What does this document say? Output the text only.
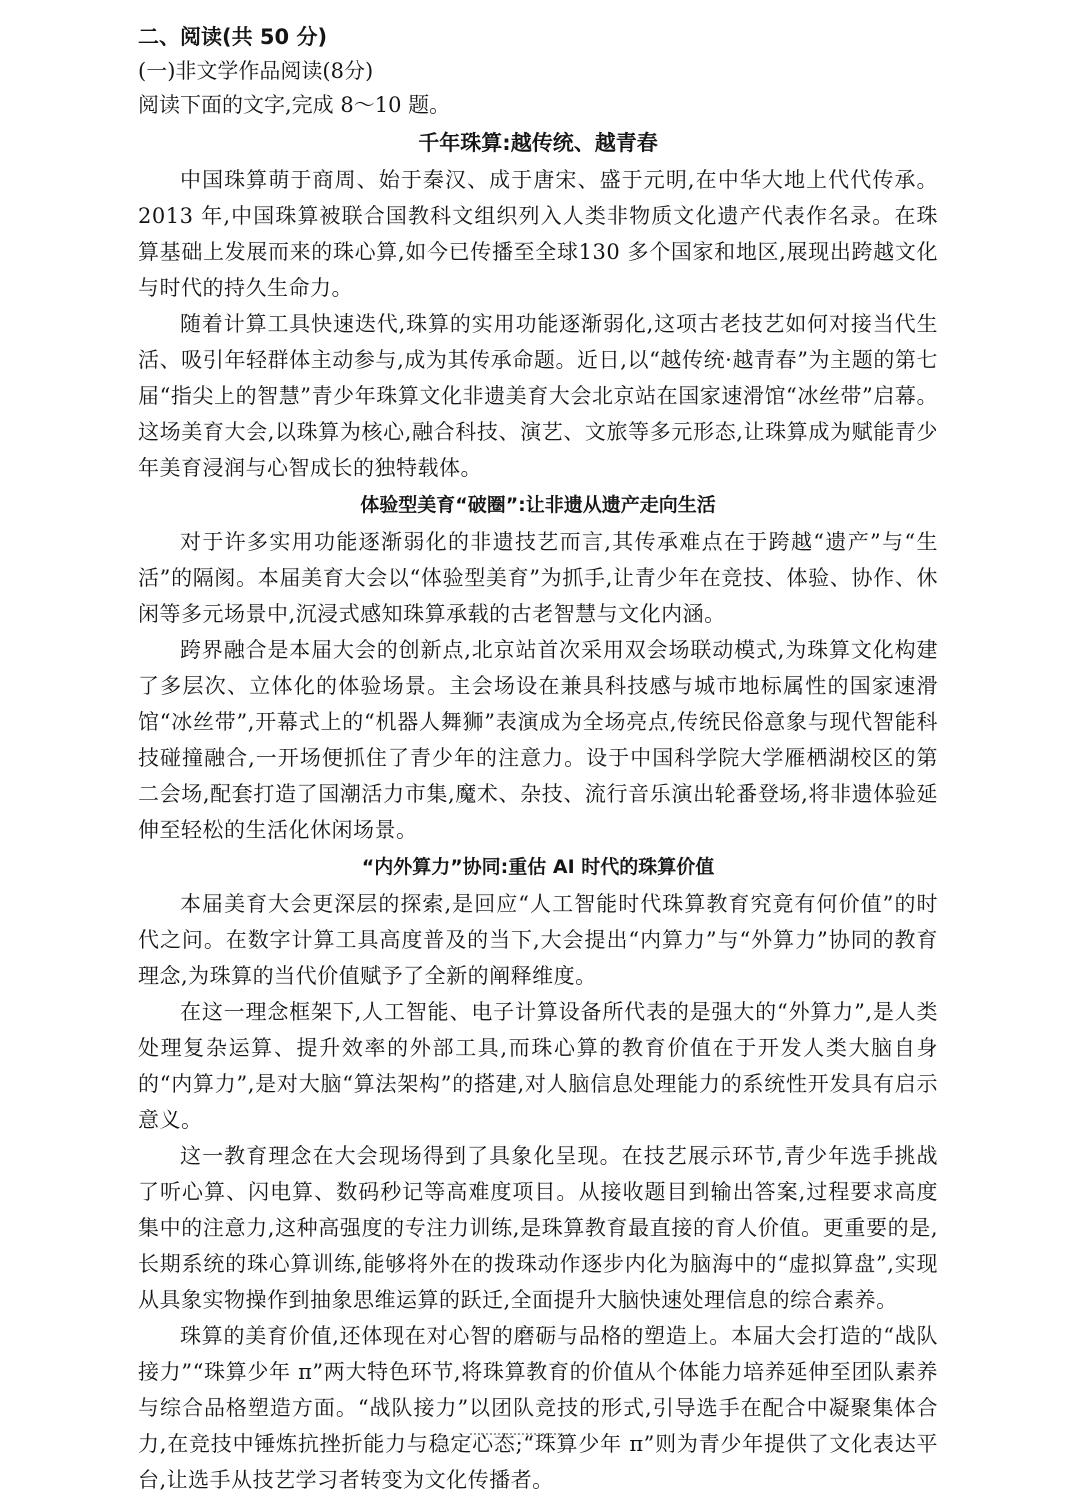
二、阅读(共 50 分)
(一)非文学作品阅读(8分)
阅读下面的文字,完成 8～10 题。
千年珠算:越传统、越青春

中国珠算萌于商周、始于秦汉、成于唐宋、盛于元明,在中华大地上代代传承。2013 年,中国珠算被联合国教科文组织列入人类非物质文化遗产代表作名录。在珠算基础上发展而来的珠心算,如今已传播至全球130 多个国家和地区,展现出跨越文化与时代的持久生命力。

随着计算工具快速迭代,珠算的实用功能逐渐弱化,这项古老技艺如何对接当代生活、吸引年轻群体主动参与,成为其传承命题。近日,以“越传统·越青春”为主题的第七届“指尖上的智慧”青少年珠算文化非遗美育大会北京站在国家速滑馆“冰丝带”启幕。这场美育大会,以珠算为核心,融合科技、演艺、文旅等多元形态,让珠算成为赋能青少年美育浸润与心智成长的独特载体。

体验型美育“破圈”:让非遗从遗产走向生活

对于许多实用功能逐渐弱化的非遗技艺而言,其传承难点在于跨越“遗产”与“生活”的隔阂。本届美育大会以“体验型美育”为抓手,让青少年在竞技、体验、协作、休闲等多元场景中,沉浸式感知珠算承载的古老智慧与文化内涵。

跨界融合是本届大会的创新点,北京站首次采用双会场联动模式,为珠算文化构建了多层次、立体化的体验场景。主会场设在兼具科技感与城市地标属性的国家速滑馆“冰丝带”,开幕式上的“机器人舞狮”表演成为全场亮点,传统民俗意象与现代智能科技碰撞融合,一开场便抓住了青少年的注意力。设于中国科学院大学雁栖湖校区的第二会场,配套打造了国潮活力市集,魔术、杂技、流行音乐演出轮番登场,将非遗体验延伸至轻松的生活化休闲场景。

“内外算力”协同:重估 AI 时代的珠算价值

本届美育大会更深层的探索,是回应“人工智能时代珠算教育究竟有何价值”的时代之问。在数字计算工具高度普及的当下,大会提出“内算力”与“外算力”协同的教育理念,为珠算的当代价值赋予了全新的阐释维度。

在这一理念框架下,人工智能、电子计算设备所代表的是强大的“外算力”,是人类处理复杂运算、提升效率的外部工具,而珠心算的教育价值在于开发人类大脑自身的“内算力”,是对大脑“算法架构”的搭建,对人脑信息处理能力的系统性开发具有启示意义。

这一教育理念在大会现场得到了具象化呈现。在技艺展示环节,青少年选手挑战了听心算、闪电算、数码秒记等高难度项目。从接收题目到输出答案,过程要求高度集中的注意力,这种高强度的专注力训练,是珠算教育最直接的育人价值。更重要的是,长期系统的珠心算训练,能够将外在的拨珠动作逐步内化为脑海中的“虚拟算盘”,实现从具象实物操作到抽象思维运算的跃迁,全面提升大脑快速处理信息的综合素养。

珠算的美育价值,还体现在对心智的磨砺与品格的塑造上。本届大会打造的“战队接力”“珠算少年 π”两大特色环节,将珠算教育的价值从个体能力培养延伸至团队素养与综合品格塑造方面。“战队接力”以团队竞技的形式,引导选手在配合中凝聚集体合力,在竞技中锤炼抗挫折能力与稳定心态;“珠算少年 π”则为青少年提供了文化表达平台,让选手从技艺学习者转变为文化传播者。
